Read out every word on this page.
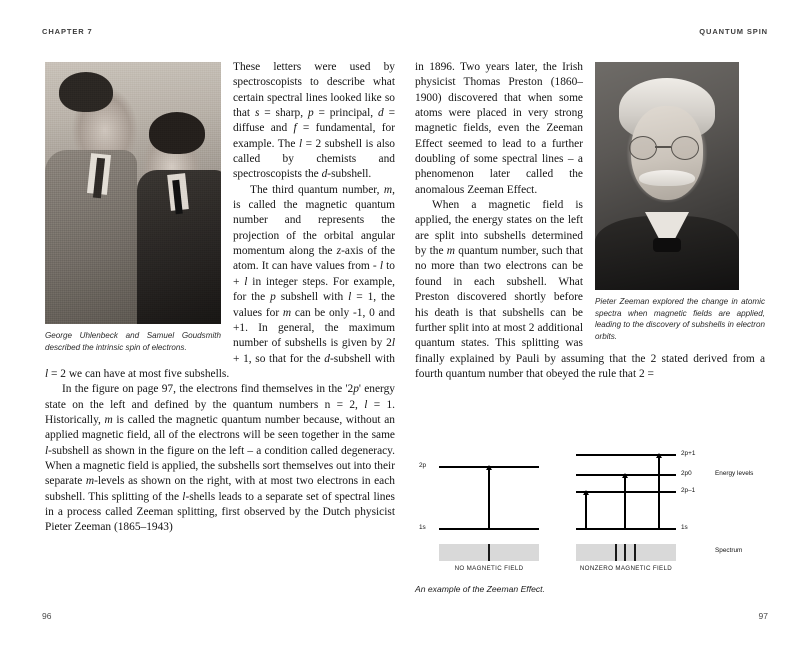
CHAPTER 7	QUANTUM SPIN
George Uhlenbeck and Samuel Goudsmith described the intrinsic spin of electrons.

These letters were used by spectroscopists to describe what certain spectral lines looked like so that s = sharp, p = principal, d = diffuse and f = fundamental, for example. The l = 2 subshell is also called by chemists and spectroscopists the d-subshell.

The third quantum number, m, is called the magnetic quantum number and represents the projection of the orbital angular momentum along the z-axis of the atom. It can have values from - l to + l in integer steps. For example, for the p subshell with l = 1, the values for m can be only -1, 0 and +1. In general, the maximum number of subshells is given by 2l + 1, so that for the d-subshell with l = 2 we can have at most five subshells.

In the figure on page 97, the electrons find themselves in the '2p' energy state on the left and defined by the quantum numbers n = 2, l = 1. Historically, m is called the magnetic quantum number because, without an applied magnetic field, all of the electrons will be seen together in the same l-subshell as shown in the figure on the left – a condition called degeneracy. When a magnetic field is applied, the subshells sort themselves out into their separate m-levels as shown on the right, with at most two electrons in each subshell. This splitting of the l-shells leads to a separate set of spectral lines in a process called Zeeman splitting, first observed by the Dutch physicist Pieter Zeeman (1865–1943)

Pieter Zeeman explored the change in atomic spectra when magnetic fields are applied, leading to the discovery of subshells in electron orbits.

in 1896. Two years later, the Irish physicist Thomas Preston (1860–1900) discovered that when some atoms were placed in very strong magnetic fields, even the Zeeman Effect seemed to lead to a further doubling of some spectral lines – a phenomenon later called the anomalous Zeeman Effect.

When a magnetic field is applied, the energy states on the left are split into subshells determined by the m quantum number, such that no more than two electrons can be found in each subshell. What Preston discovered shortly before his death is that subshells can be further split into at most 2 additional quantum states. This splitting was finally explained by Pauli by assuming that the 2 stated derived from a fourth quantum number that obeyed the rule that 2 =

2p
1s
NO MAGNETIC FIELD
2p+1
2p0
2p–1
1s
NONZERO MAGNETIC FIELD
Energy levels
Spectrum
An example of the Zeeman Effect.
96	97
